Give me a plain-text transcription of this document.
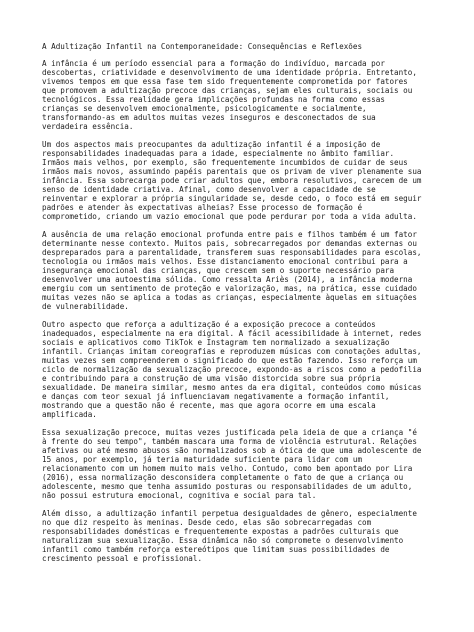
A Adultização Infantil na Contemporaneidade: Consequências e Reflexões
A infância é um período essencial para a formação do indivíduo, marcada por
descobertas, criatividade e desenvolvimento de uma identidade própria. Entretanto,
vivemos tempos em que essa fase tem sido frequentemente comprometida por fatores
que promovem a adultização precoce das crianças, sejam eles culturais, sociais ou
tecnológicos. Essa realidade gera implicações profundas na forma como essas
crianças se desenvolvem emocionalmente, psicologicamente e socialmente,
transformando-as em adultos muitas vezes inseguros e desconectados de sua
verdadeira essência.
Um dos aspectos mais preocupantes da adultização infantil é a imposição de
responsabilidades inadequadas para a idade, especialmente no âmbito familiar.
Irmãos mais velhos, por exemplo, são frequentemente incumbidos de cuidar de seus
irmãos mais novos, assumindo papéis parentais que os privam de viver plenamente sua
infância. Essa sobrecarga pode criar adultos que, embora resolutivos, carecem de um
senso de identidade criativa. Afinal, como desenvolver a capacidade de se
reinventar e explorar a própria singularidade se, desde cedo, o foco está em seguir
padrões e atender às expectativas alheias? Esse processo de formação é
comprometido, criando um vazio emocional que pode perdurar por toda a vida adulta.
A ausência de uma relação emocional profunda entre pais e filhos também é um fator
determinante nesse contexto. Muitos pais, sobrecarregados por demandas externas ou
despreparados para a parentalidade, transferem suas responsabilidades para escolas,
tecnologia ou irmãos mais velhos. Esse distanciamento emocional contribui para a
insegurança emocional das crianças, que crescem sem o suporte necessário para
desenvolver uma autoestima sólida. Como ressalta Ariès (2014), a infância moderna
emergiu com um sentimento de proteção e valorização, mas, na prática, esse cuidado
muitas vezes não se aplica a todas as crianças, especialmente àquelas em situações
de vulnerabilidade.
Outro aspecto que reforça a adultização é a exposição precoce a conteúdos
inadequados, especialmente na era digital. A fácil acessibilidade à internet, redes
sociais e aplicativos como TikTok e Instagram tem normalizado a sexualização
infantil. Crianças imitam coreografias e reproduzem músicas com conotações adultas,
muitas vezes sem compreenderem o significado do que estão fazendo. Isso reforça um
ciclo de normalização da sexualização precoce, expondo-as a riscos como a pedofilia
e contribuindo para a construção de uma visão distorcida sobre sua própria
sexualidade. De maneira similar, mesmo antes da era digital, conteúdos como músicas
e danças com teor sexual já influenciavam negativamente a formação infantil,
mostrando que a questão não é recente, mas que agora ocorre em uma escala
amplificada.
Essa sexualização precoce, muitas vezes justificada pela ideia de que a criança "é
à frente do seu tempo", também mascara uma forma de violência estrutural. Relações
afetivas ou até mesmo abusos são normalizados sob a ótica de que uma adolescente de
15 anos, por exemplo, já teria maturidade suficiente para lidar com um
relacionamento com um homem muito mais velho. Contudo, como bem apontado por Lira
(2016), essa normalização desconsidera completamente o fato de que a criança ou
adolescente, mesmo que tenha assumido posturas ou responsabilidades de um adulto,
não possui estrutura emocional, cognitiva e social para tal.
Além disso, a adultização infantil perpetua desigualdades de gênero, especialmente
no que diz respeito às meninas. Desde cedo, elas são sobrecarregadas com
responsabilidades domésticas e frequentemente expostas a padrões culturais que
naturalizam sua sexualização. Essa dinâmica não só compromete o desenvolvimento
infantil como também reforça estereótipos que limitam suas possibilidades de
crescimento pessoal e profissional.
